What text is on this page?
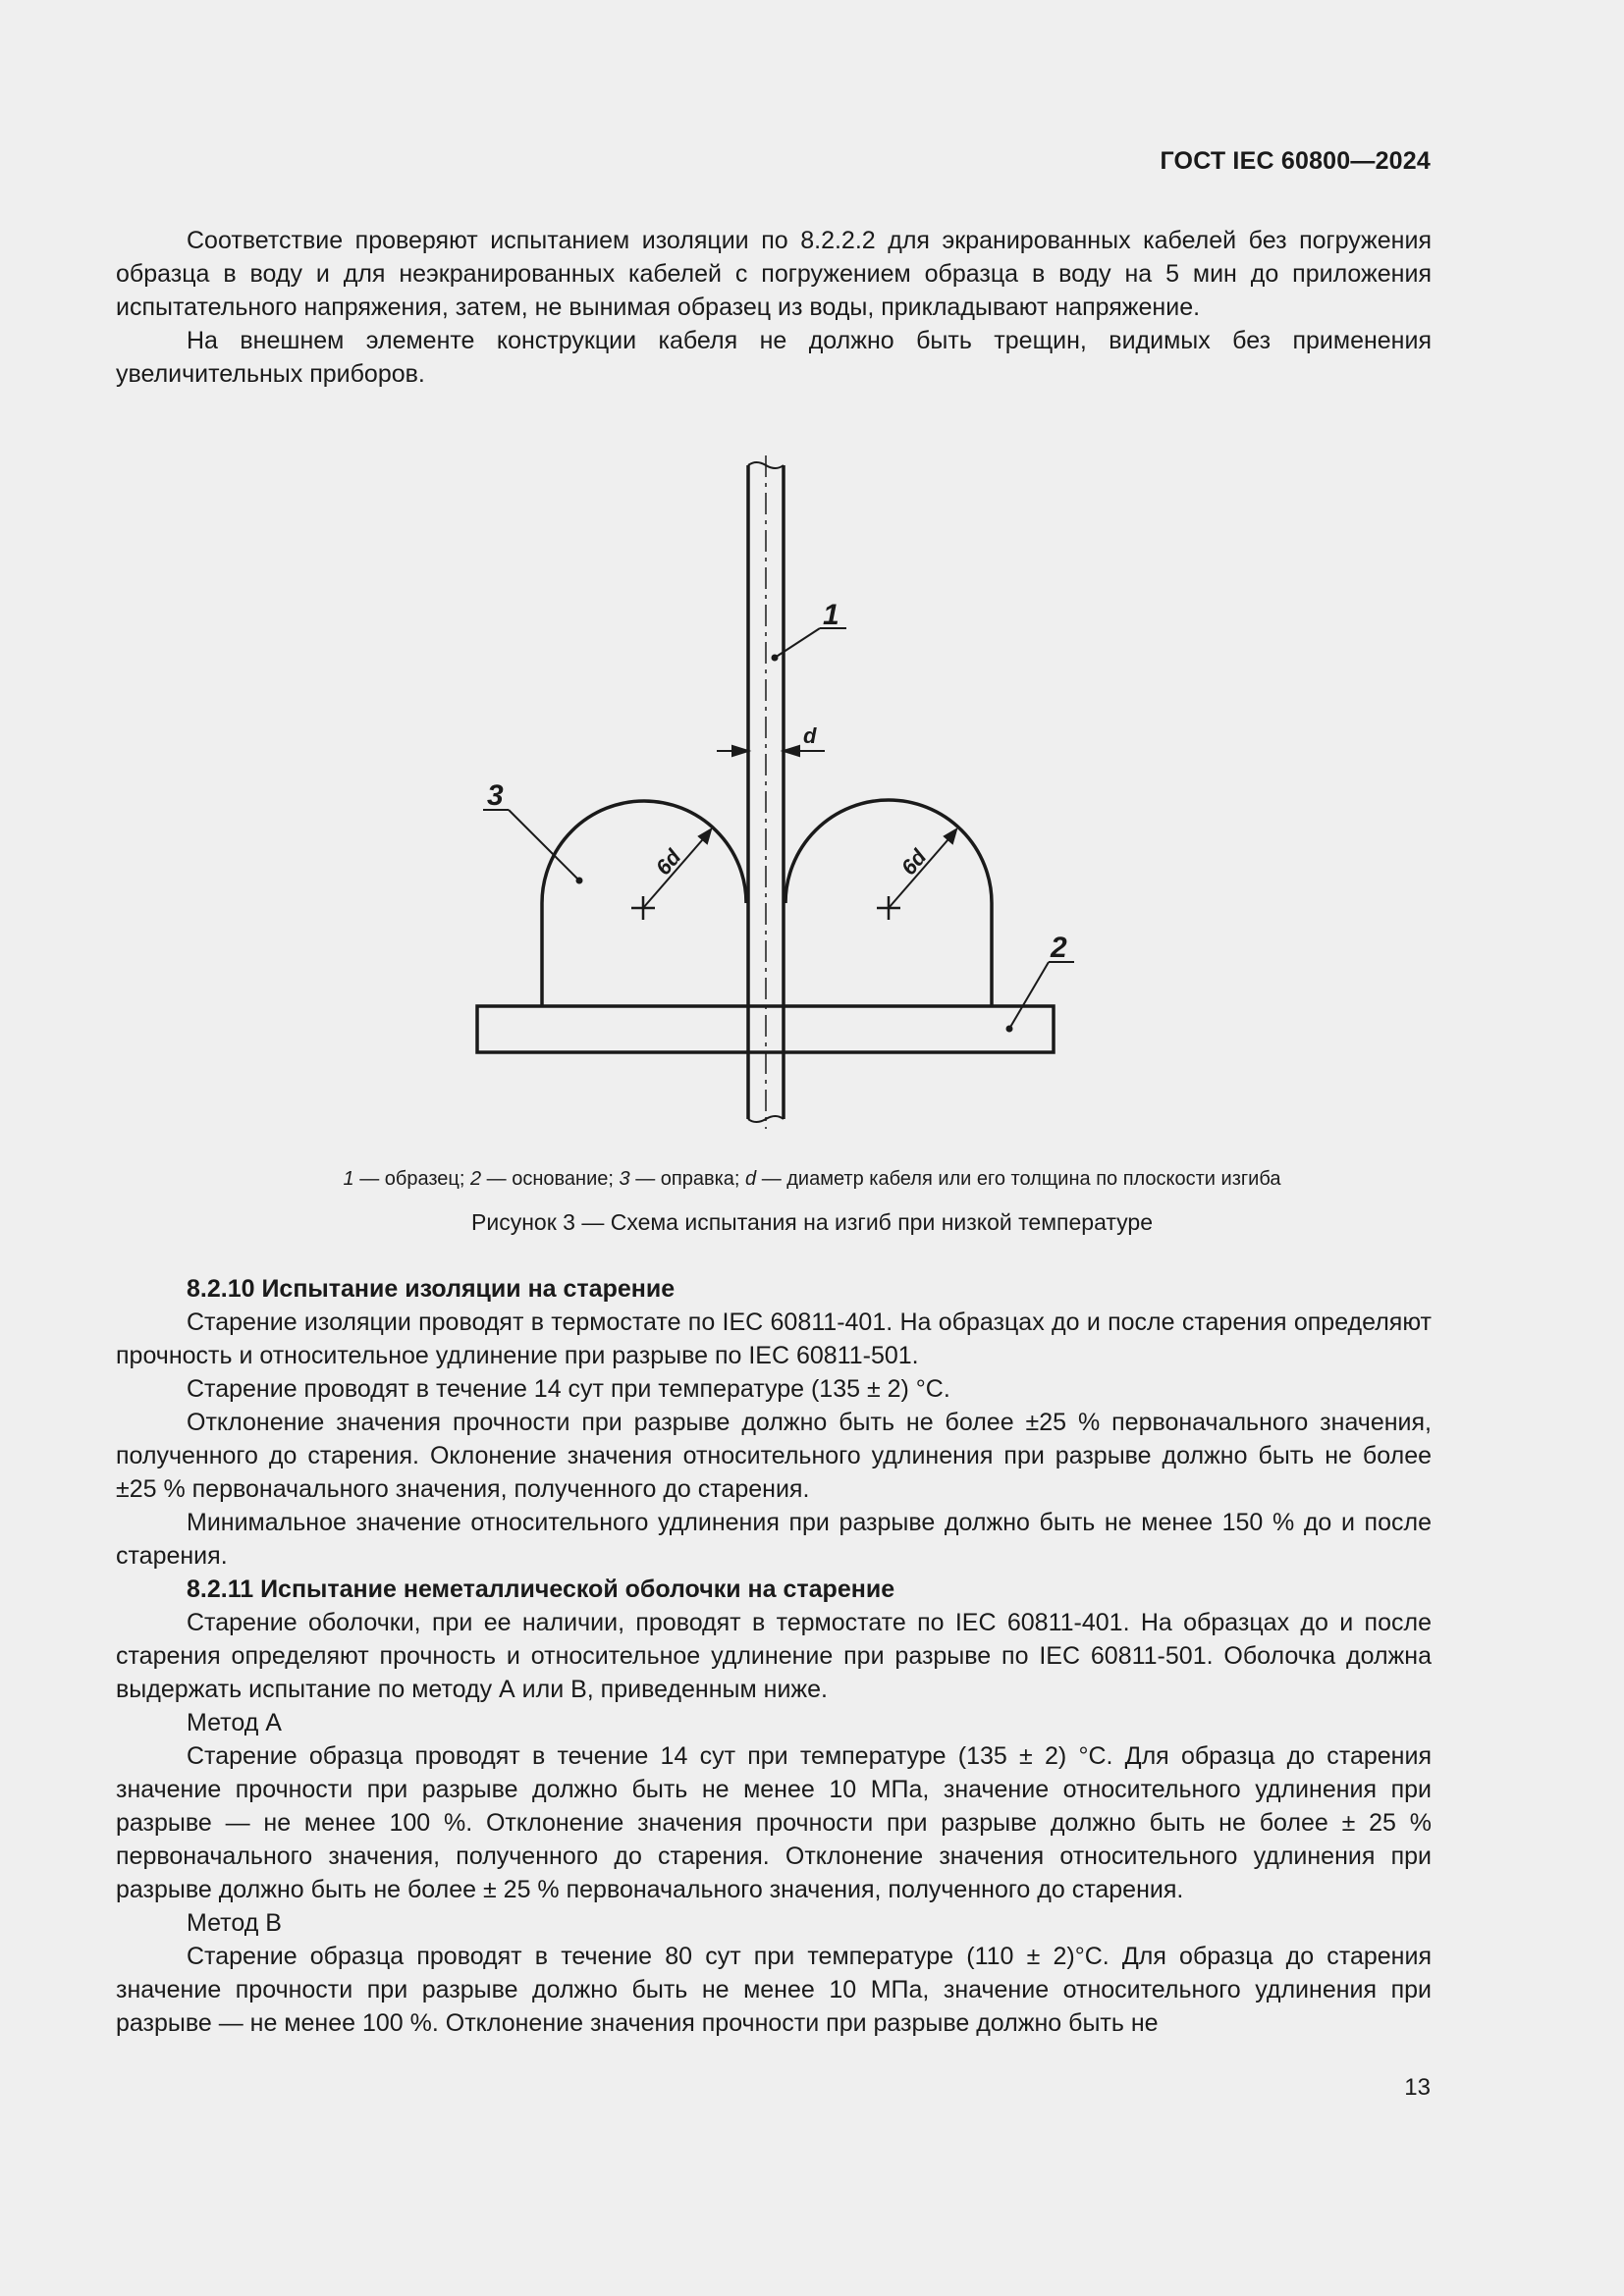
ГОСТ IEC 60800—2024

Соответствие проверяют испытанием изоляции по 8.2.2.2 для экранированных кабелей без погружения образца в воду и для неэкранированных кабелей с погружением образца в воду на 5 мин до приложения испытательного напряжения, затем, не вынимая образец из воды, прикладывают напряжение.

На внешнем элементе конструкции кабеля не должно быть трещин, видимых без применения увеличительных приборов.

d
6d	6d
1
3
2
1 — образец; 2 — основание; 3 — оправка; d — диаметр кабеля или его толщина по плоскости изгиба
Рисунок 3 — Схема испытания на изгиб при низкой температуре

8.2.10 Испытание изоляции на старение

Старение изоляции проводят в термостате по IEC 60811-401. На образцах до и после старения определяют прочность и относительное удлинение при разрыве по IEC 60811-501.

Старение проводят в течение 14 сут при температуре (135 ± 2) °С.

Отклонение значения прочности при разрыве должно быть не более ±25 % первоначального значения, полученного до старения. Оклонение значения относительного удлинения при разрыве должно быть не более ±25 % первоначального значения, полученного до старения.

Минимальное значение относительного удлинения при разрыве должно быть не менее 150 % до и после старения.

8.2.11 Испытание неметаллической оболочки на старение

Старение оболочки, при ее наличии, проводят в термостате по IEC 60811-401. На образцах до и после старения определяют прочность и относительное удлинение при разрыве по IEC 60811-501. Оболочка должна выдержать испытание по методу А или В, приведенным ниже.

Метод А

Старение образца проводят в течение 14 сут при температуре (135 ± 2) °С. Для образца до старения значение прочности при разрыве должно быть не менее 10 МПа, значение относительного удлинения при разрыве — не менее 100 %. Отклонение значения прочности при разрыве должно быть не более ± 25 % первоначального значения, полученного до старения. Отклонение значения относительного удлинения при разрыве должно быть не более ± 25 % первоначального значения, полученного до старения.

Метод В

Старение образца проводят в течение 80 сут при температуре (110 ± 2)°С. Для образца до старения значение прочности при разрыве должно быть не менее 10 МПа, значение относительного удлинения при разрыве — не менее 100 %. Отклонение значения прочности при разрыве должно быть не

13
